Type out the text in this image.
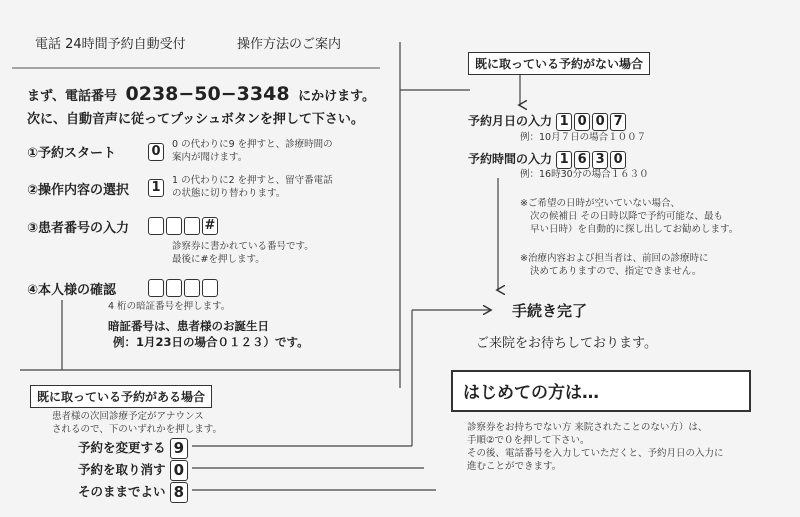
電話 24時間予約自動受付	操作方法のご案内
まず、電話番号 0238−50−3348 にかけます。
次に、自動音声に従ってプッシュボタンを押して下さい。
①予約スタート	0	0 の代わりに9 を押すと、診療時間の
案内が聞けます。
②操作内容の選択 1	1 の代わりに2 を押すと、留守番電話
の状態に切り替わります。
③患者番号の入力	#
診察券に書かれている番号です。
最後に#を押します。
④本人様の確認
4 桁の暗証番号を押します。
暗証番号は、患者様のお誕生日
例：1月23日の場合０１２３）です。
既に取っている予約がある場合
患者様の次回診療予定がアナウンス
されるので、下のいずれかを押します。
予約を変更する 9
予約を取り消す 0
そのままでよい 8
既に取っている予約がない場合
予約月日の入力 1 0 0 7
例：10月７日の場合１００７
予約時間の入力 1 6 3 0
例：16時30分の場合１６３０
※ご希望の日時が空いていない場合、
次の候補日 その日時以降で予約可能な、最も
早い日時）を自動的に探し出してお勧めします。
※治療内容および担当者は、前回の診療時に
決めてありますので、指定できません。
手続き完了
ご来院をお待ちしております。
はじめての方は…
診察券をお持ちでない方 来院されたことのない方）は、
手順②で０を押して下さい。
その後、電話番号を入力していただくと、予約月日の入力に
進むことができます。
